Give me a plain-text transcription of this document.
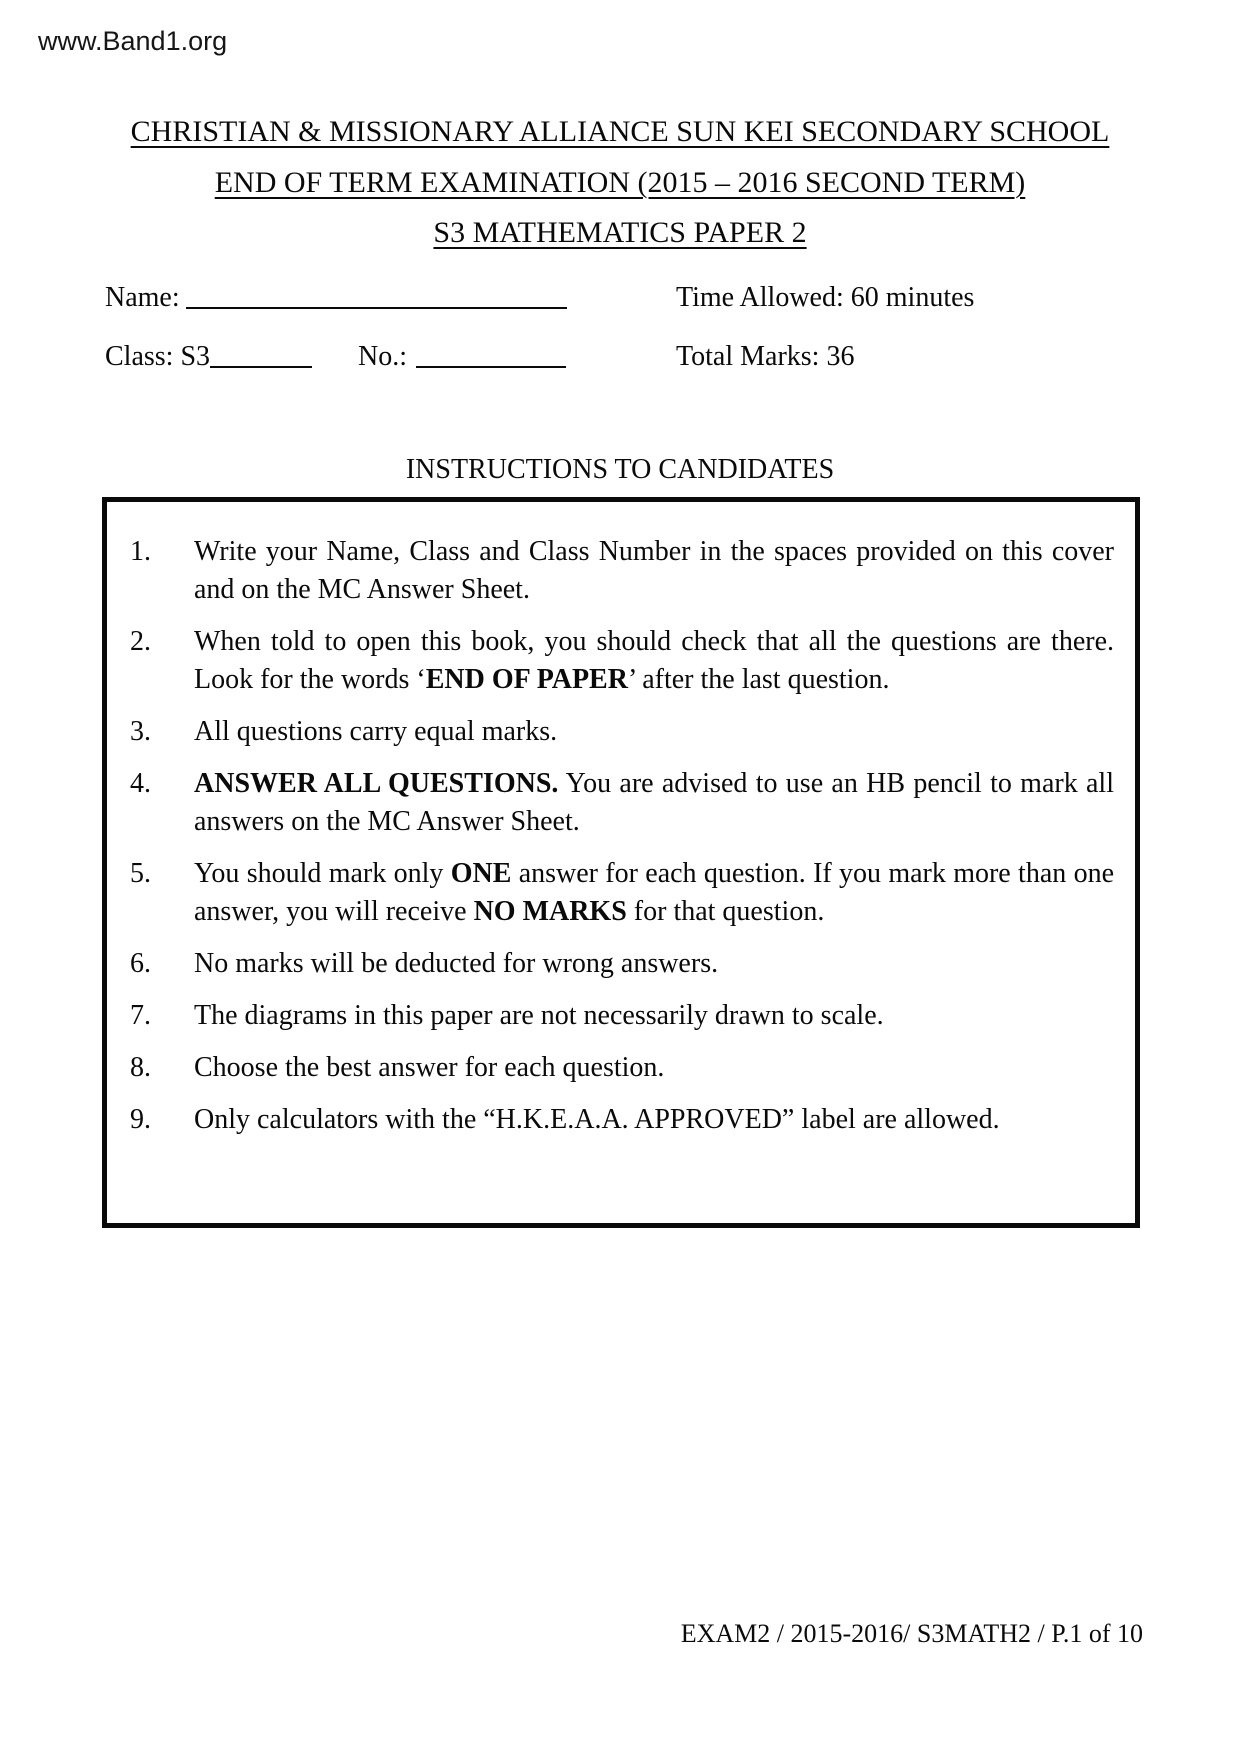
www.Band1.org
CHRISTIAN & MISSIONARY ALLIANCE SUN KEI SECONDARY SCHOOL
END OF TERM EXAMINATION (2015 – 2016 SECOND TERM)
S3 MATHEMATICS PAPER 2
Name:	Time Allowed: 60 minutes
Class: S3	No.:	Total Marks: 36
INSTRUCTIONS TO CANDIDATES
1.	Write your Name, Class and Class Number in the spaces provided on this cover and on the MC Answer Sheet.
2.	When told to open this book, you should check that all the questions are there. Look for the words ‘END OF PAPER’ after the last question.
3.	All questions carry equal marks.
4.	ANSWER ALL QUESTIONS. You are advised to use an HB pencil to mark all answers on the MC Answer Sheet.
5.	You should mark only ONE answer for each question. If you mark more than one answer, you will receive NO MARKS for that question.
6.	No marks will be deducted for wrong answers.
7.	The diagrams in this paper are not necessarily drawn to scale.
8.	Choose the best answer for each question.
9.	Only calculators with the “H.K.E.A.A. APPROVED” label are allowed.
EXAM2 / 2015-2016/ S3MATH2 / P.1 of 10
